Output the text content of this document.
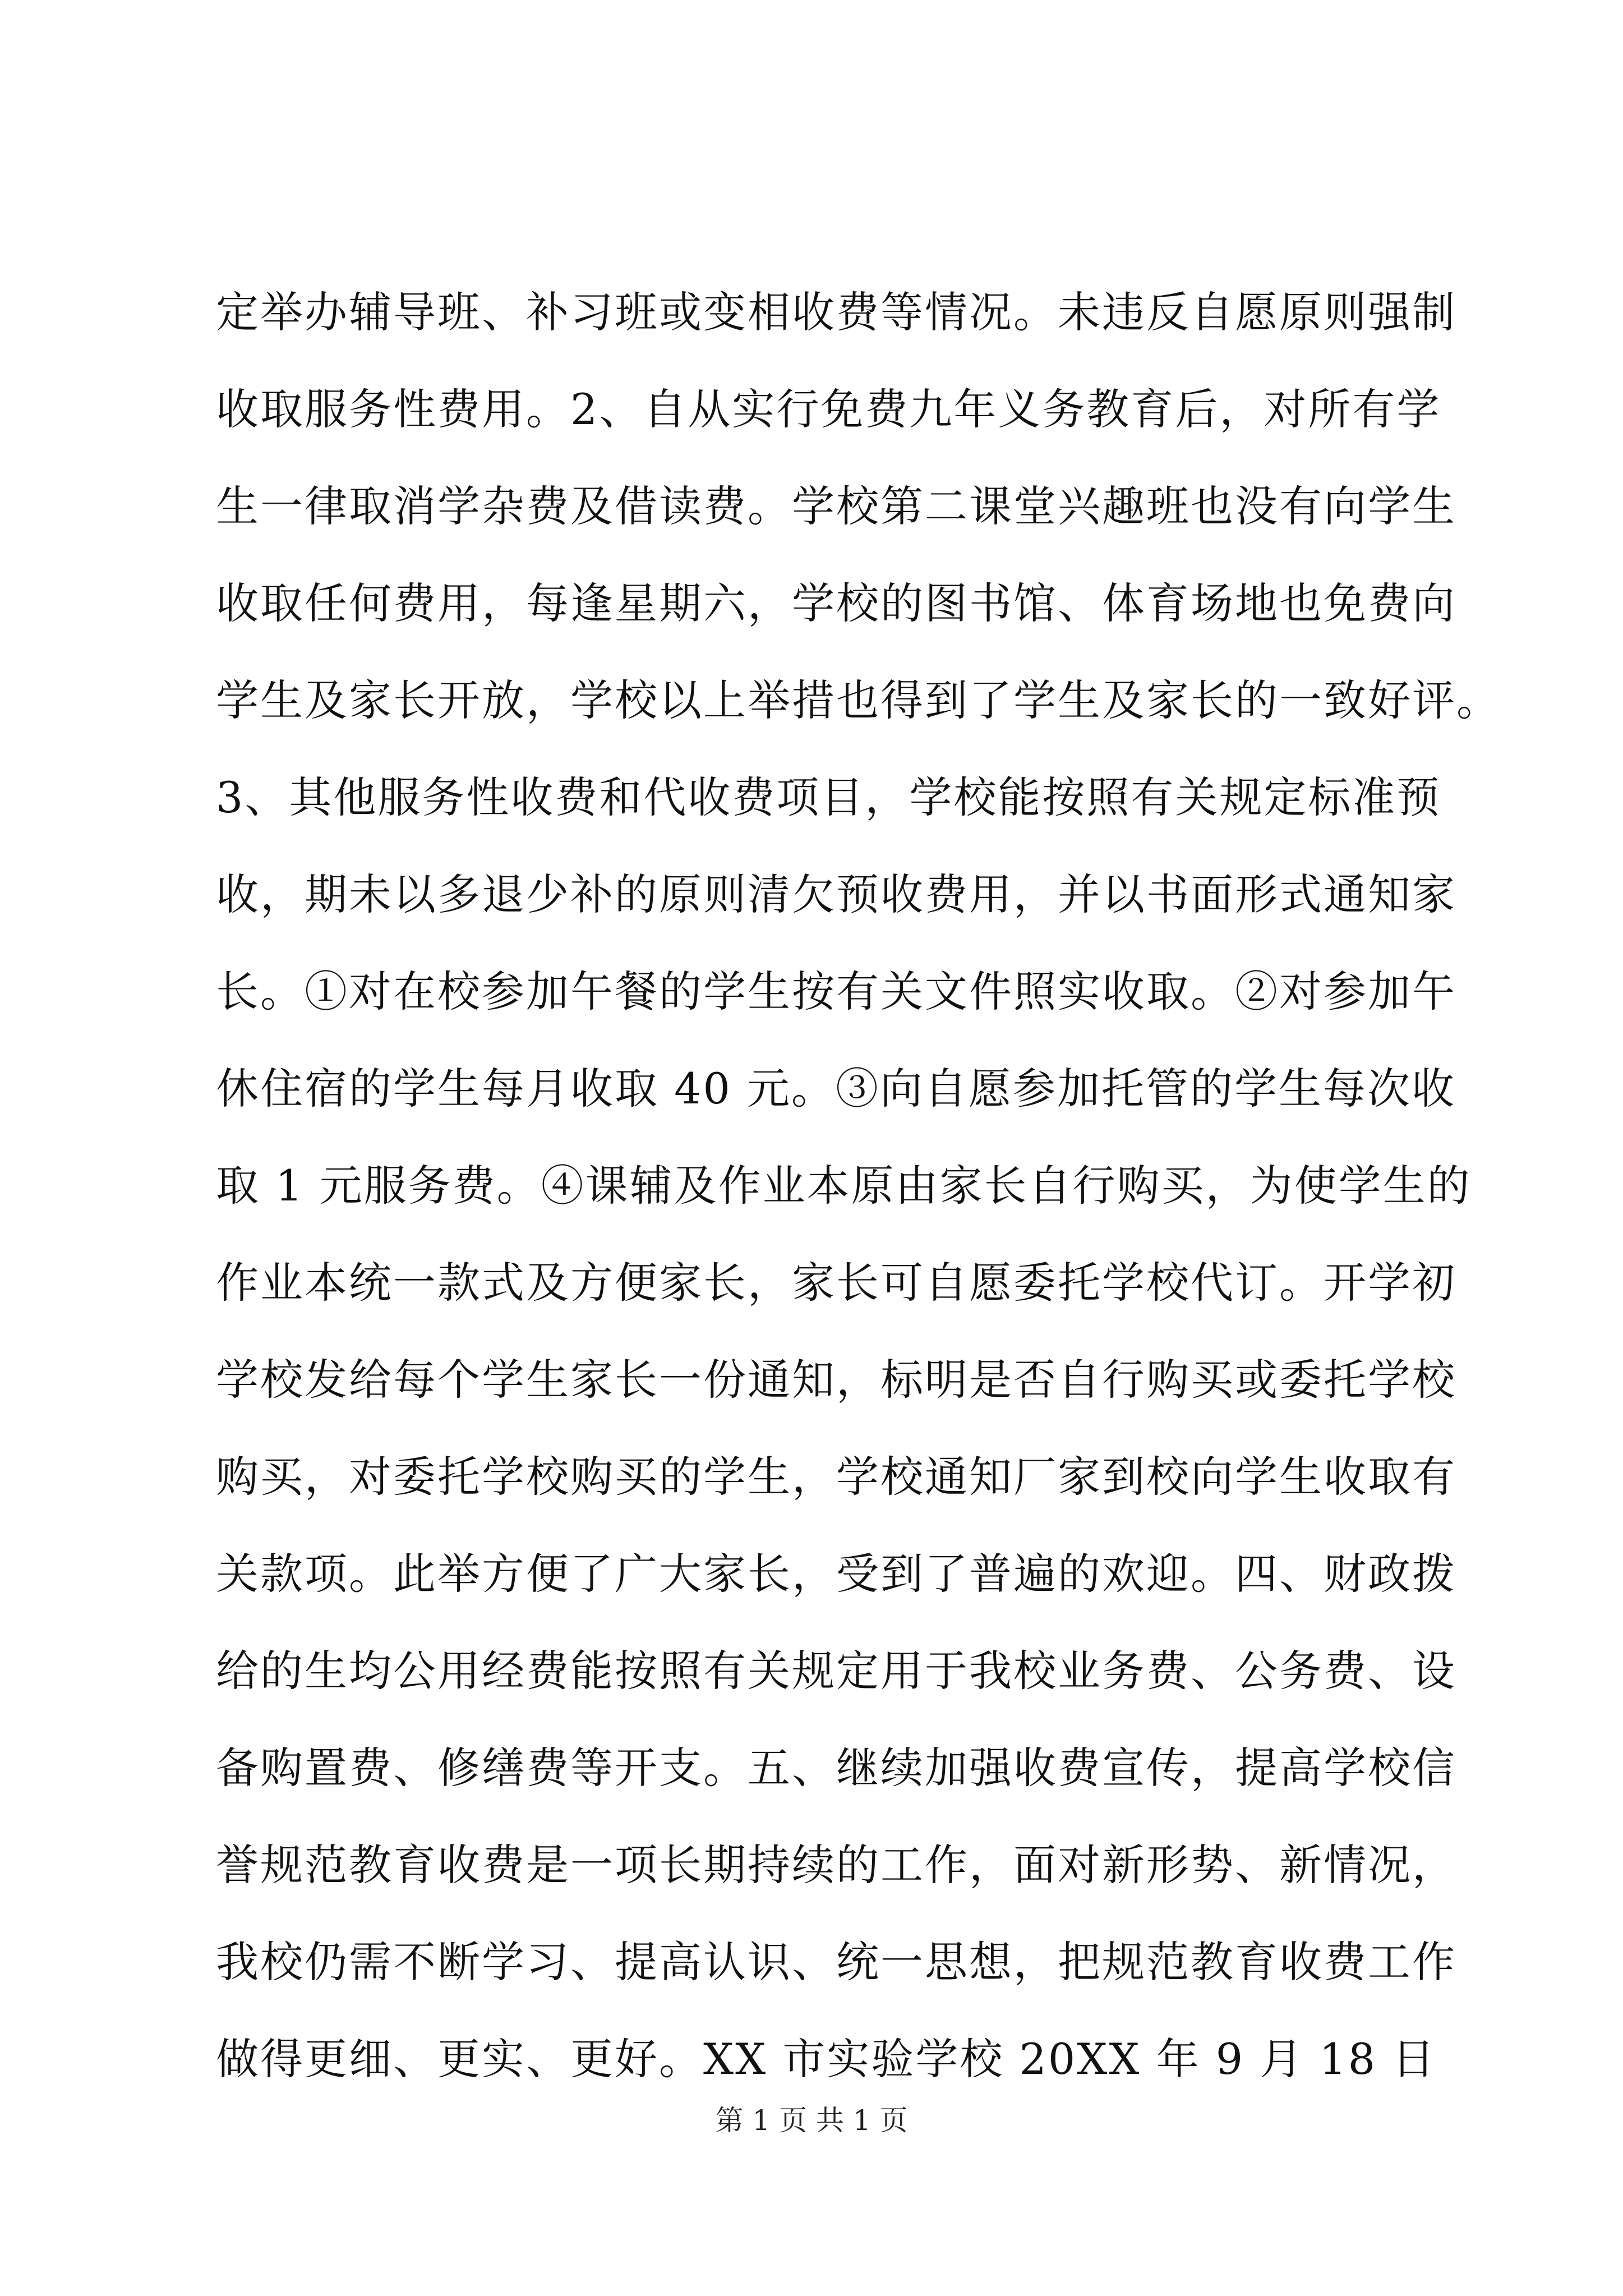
定举办辅导班、补习班或变相收费等情况。未违反自愿原则强制
收取服务性费用。2、自从实行免费九年义务教育后，对所有学
生一律取消学杂费及借读费。学校第二课堂兴趣班也没有向学生
收取任何费用，每逢星期六，学校的图书馆、体育场地也免费向
学生及家长开放，学校以上举措也得到了学生及家长的一致好评。
3、其他服务性收费和代收费项目，学校能按照有关规定标准预
收，期未以多退少补的原则清欠预收费用，并以书面形式通知家
长。①对在校参加午餐的学生按有关文件照实收取。②对参加午
休住宿的学生每月收取 40 元。③向自愿参加托管的学生每次收
取 1 元服务费。④课辅及作业本原由家长自行购买，为使学生的
作业本统一款式及方便家长，家长可自愿委托学校代订。开学初
学校发给每个学生家长一份通知，标明是否自行购买或委托学校
购买，对委托学校购买的学生，学校通知厂家到校向学生收取有
关款项。此举方便了广大家长，受到了普遍的欢迎。四、财政拨
给的生均公用经费能按照有关规定用于我校业务费、公务费、设
备购置费、修缮费等开支。五、继续加强收费宣传，提高学校信
誉规范教育收费是一项长期持续的工作，面对新形势、新情况，
我校仍需不断学习、提高认识、统一思想，把规范教育收费工作
做得更细、更实、更好。XX 市实验学校 20XX 年 9 月 18 日
第 1 页 共 1 页
